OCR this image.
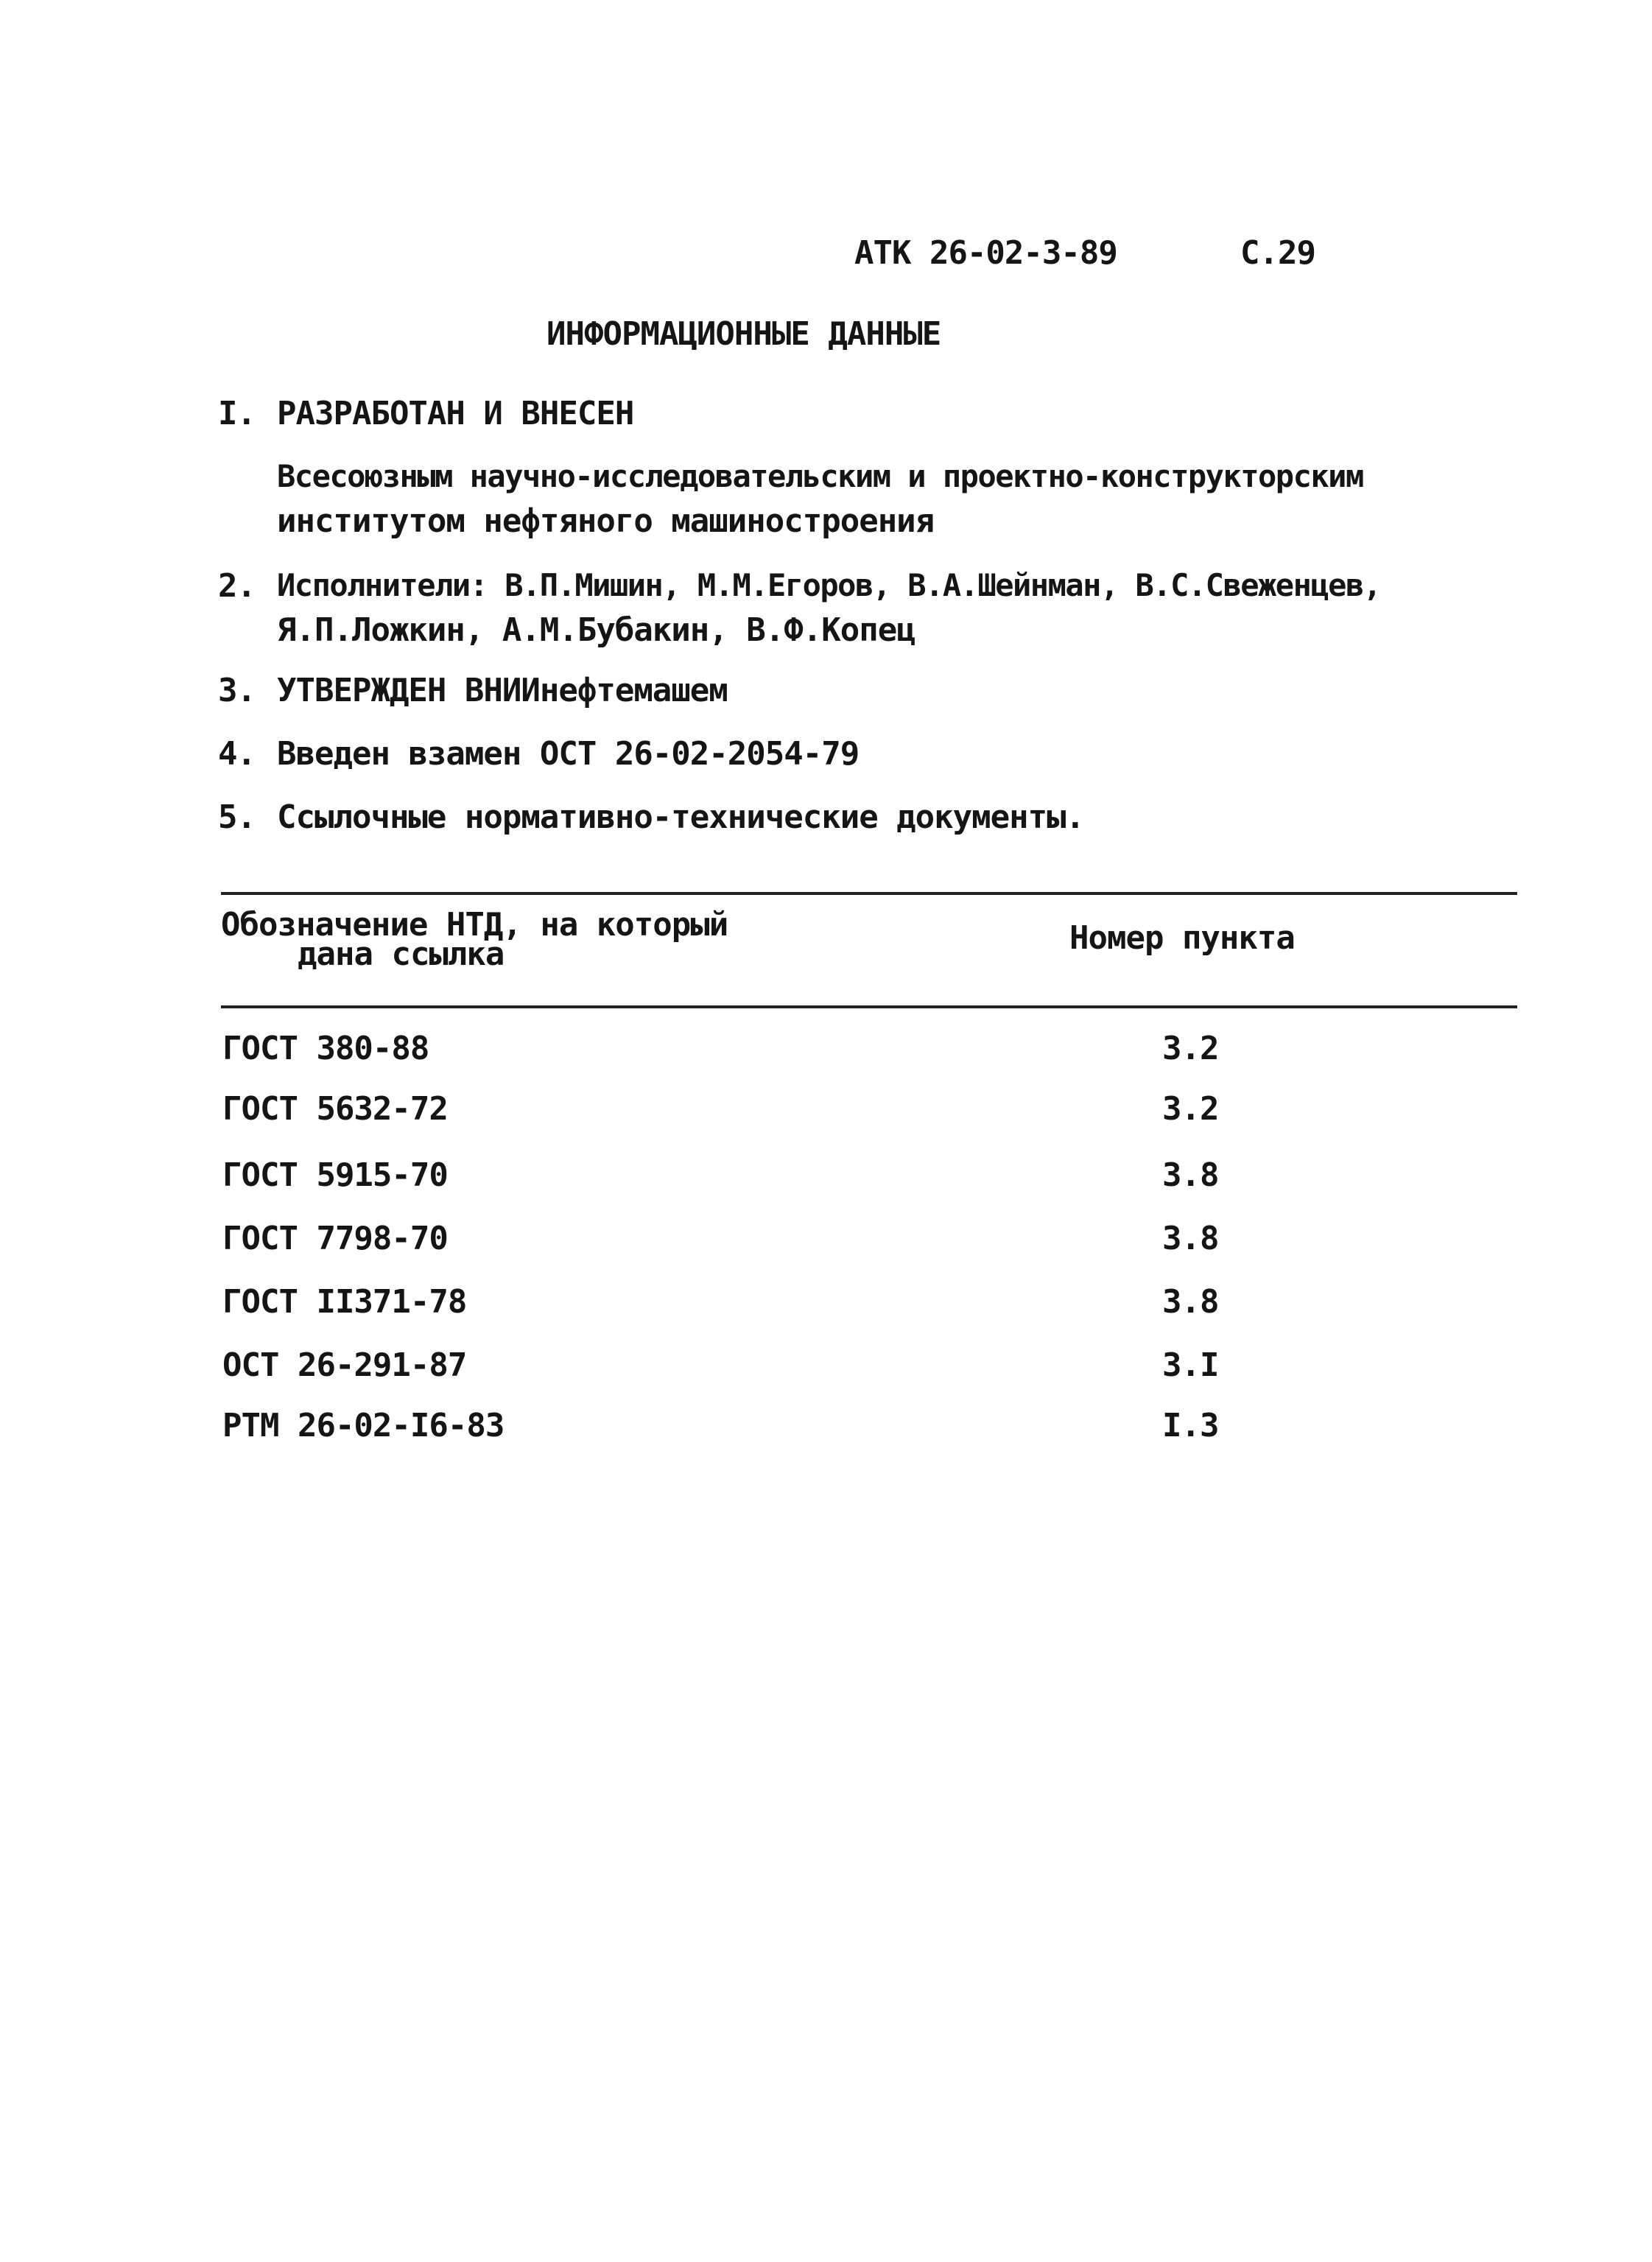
АТК 26-02-3-89	С.29
ИНФОРМАЦИОННЫЕ ДАННЫЕ
I. РАЗРАБОТАН И ВНЕСЕН
Всесоюзным научно-исследовательским и проектно-конструкторским
институтом нефтяного машиностроения
2. Исполнители: В.П.Мишин, М.М.Егоров, В.А.Шейнман, В.С.Свеженцев,
Я.П.Ложкин, А.М.Бубакин, В.Ф.Копец
3. УТВЕРЖДЕН ВНИИнефтемашем
4. Введен взамен ОСТ 26-02-2054-79
5. Ссылочные нормативно-технические документы.
Обозначение НТД, на который
дана ссылка	Номер пункта
ГОСТ 380-88	3.2
ГОСТ 5632-72	3.2
ГОСТ 5915-70	3.8
ГОСТ 7798-70	3.8
ГОСТ II371-78	3.8
ОСТ 26-291-87	3.I
РТМ 26-02-I6-83	I.3
